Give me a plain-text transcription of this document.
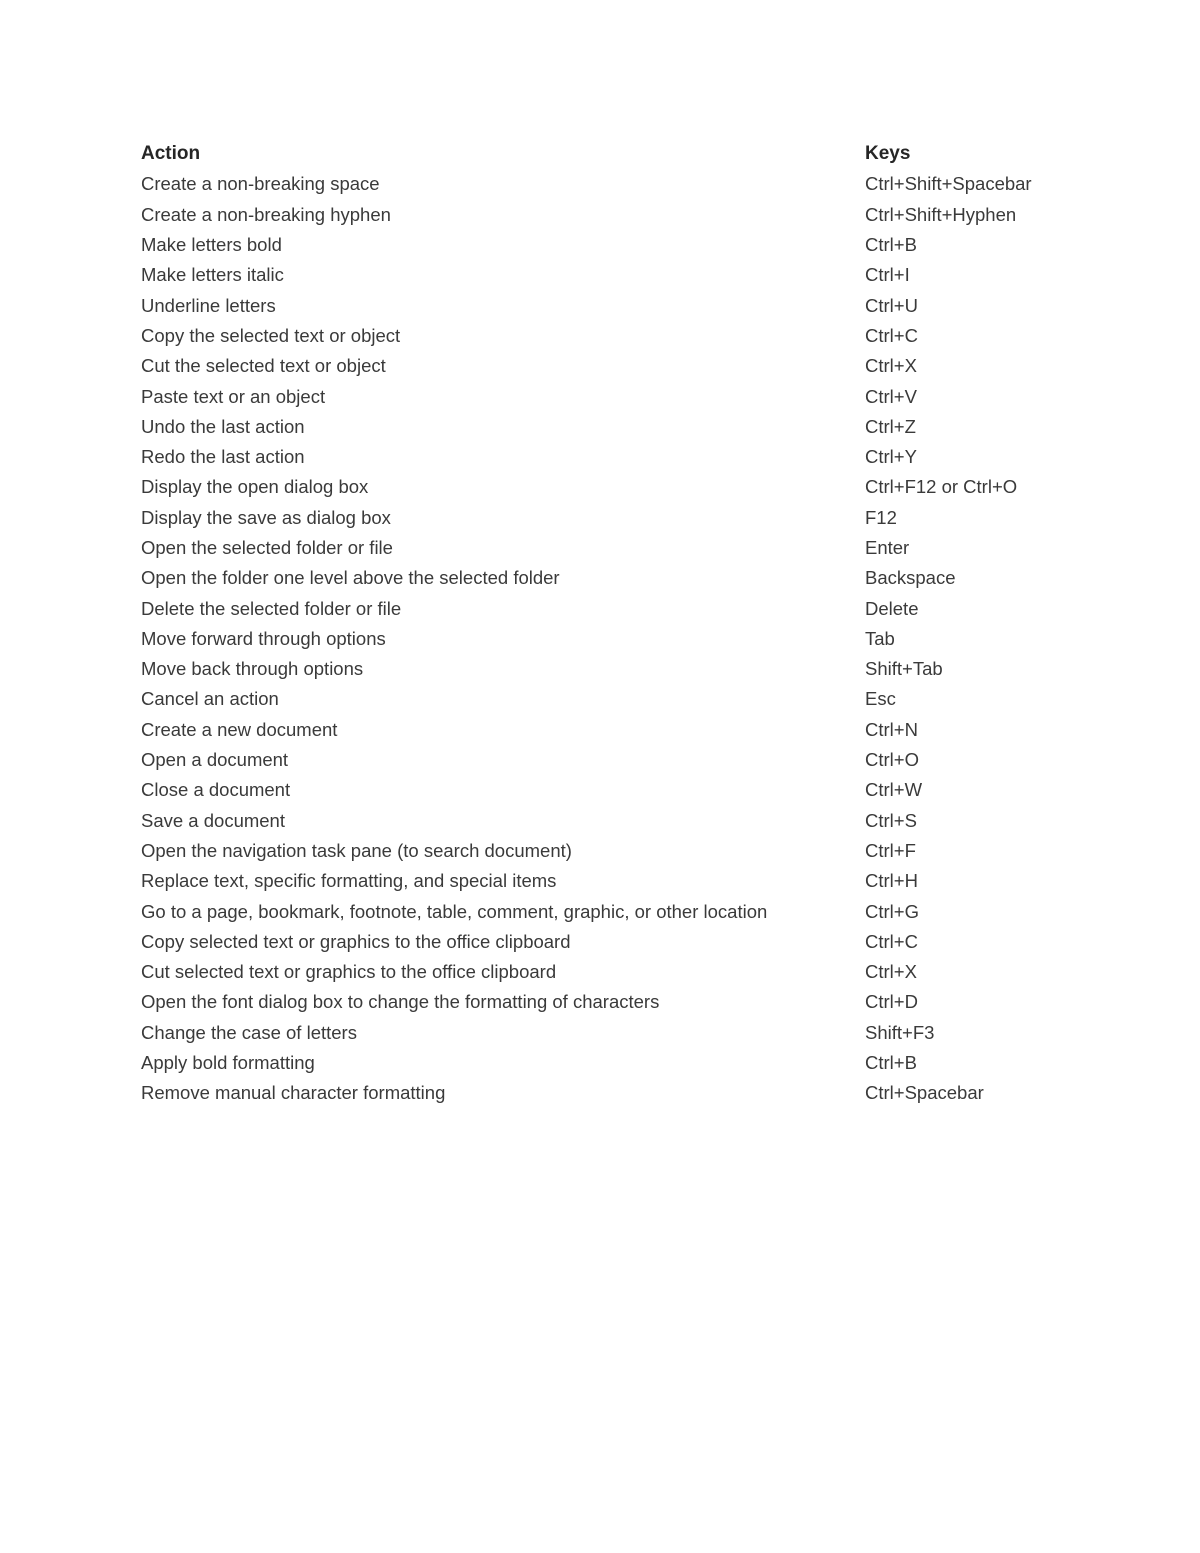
Action	Keys
Create a non-breaking space	Ctrl+Shift+Spacebar
Create a non-breaking hyphen	Ctrl+Shift+Hyphen
Make letters bold	Ctrl+B
Make letters italic	Ctrl+I
Underline letters	Ctrl+U
Copy the selected text or object	Ctrl+C
Cut the selected text or object	Ctrl+X
Paste text or an object	Ctrl+V
Undo the last action	Ctrl+Z
Redo the last action	Ctrl+Y
Display the open dialog box	Ctrl+F12 or Ctrl+O
Display the save as dialog box	F12
Open the selected folder or file	Enter
Open the folder one level above the selected folder	Backspace
Delete the selected folder or file	Delete
Move forward through options	Tab
Move back through options	Shift+Tab
Cancel an action	Esc
Create a new document	Ctrl+N
Open a document	Ctrl+O
Close a document	Ctrl+W
Save a document	Ctrl+S
Open the navigation task pane (to search document)	Ctrl+F
Replace text, specific formatting, and special items	Ctrl+H
Go to a page, bookmark, footnote, table, comment, graphic, or other location	Ctrl+G
Copy selected text or graphics to the office clipboard	Ctrl+C
Cut selected text or graphics to the office clipboard	Ctrl+X
Open the font dialog box to change the formatting of characters	Ctrl+D
Change the case of letters	Shift+F3
Apply bold formatting	Ctrl+B
Remove manual character formatting	Ctrl+Spacebar
